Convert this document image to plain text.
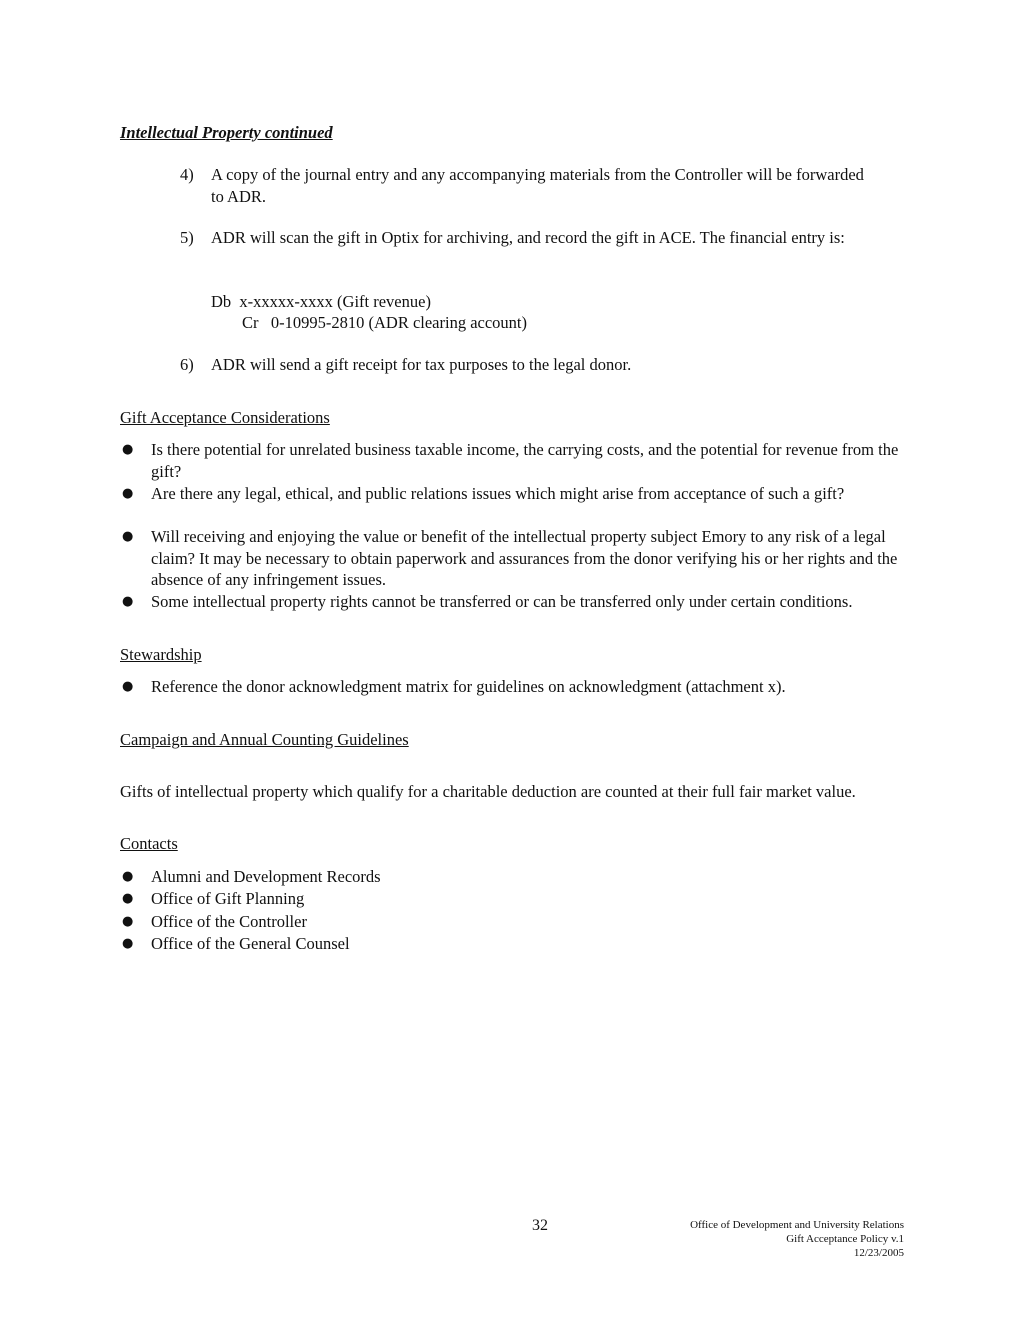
Intellectual Property continued
4) A copy of the journal entry and any accompanying materials from the Controller will be forwarded to ADR.
5) ADR will scan the gift in Optix for archiving, and record the gift in ACE. The financial entry is:
Db  x-xxxxx-xxxx (Gift revenue)
Cr   0-10995-2810 (ADR clearing account)
6) ADR will send a gift receipt for tax purposes to the legal donor.
Gift Acceptance Considerations
● Is there potential for unrelated business taxable income, the carrying costs, and the potential for revenue from the gift?
● Are there any legal, ethical, and public relations issues which might arise from acceptance of such a gift?
● Will receiving and enjoying the value or benefit of the intellectual property subject Emory to any risk of a legal claim? It may be necessary to obtain paperwork and assurances from the donor verifying his or her rights and the absence of any infringement issues.
● Some intellectual property rights cannot be transferred or can be transferred only under certain conditions.
Stewardship
● Reference the donor acknowledgment matrix for guidelines on acknowledgment (attachment x).
Campaign and Annual Counting Guidelines
Gifts of intellectual property which qualify for a charitable deduction are counted at their full fair market value.
Contacts
● Alumni and Development Records
● Office of Gift Planning
● Office of the Controller
● Office of the General Counsel
32	Office of Development and University Relations
Gift Acceptance Policy v.1
12/23/2005
